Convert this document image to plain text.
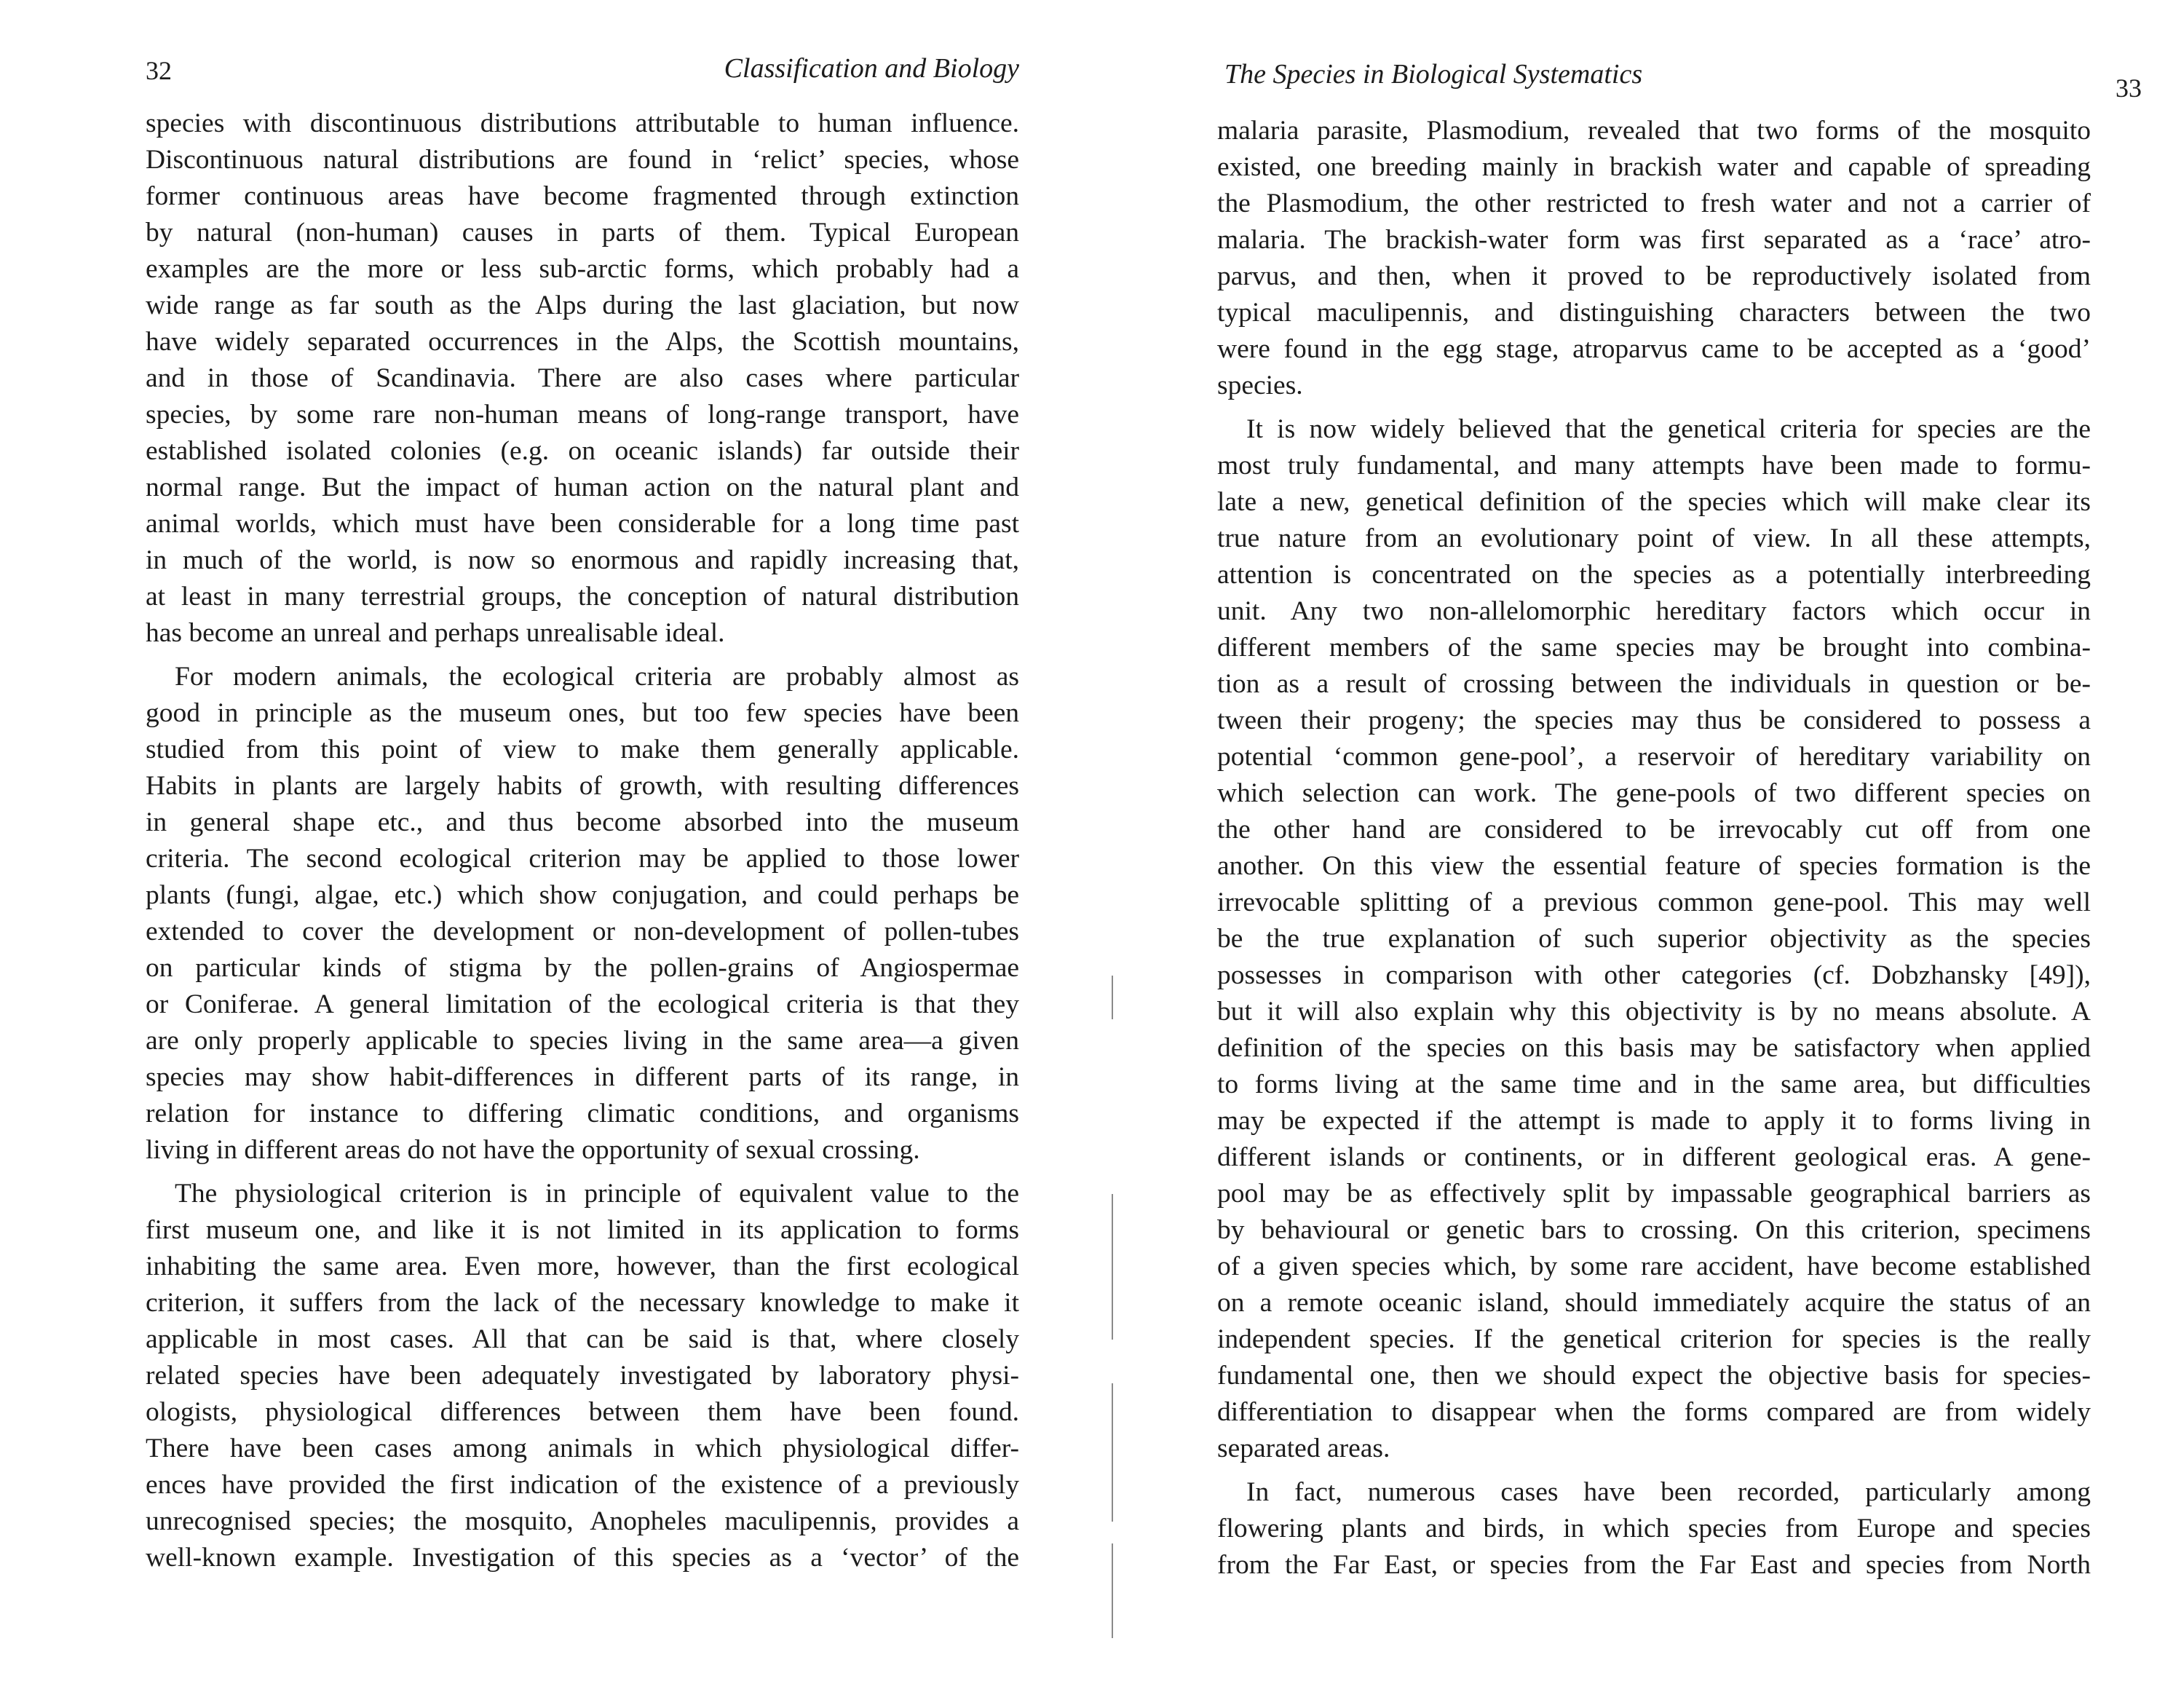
32	Classification and Biology
species with discontinuous distributions attributable to human influence.
Discontinuous natural distributions are found in ‘relict’ species, whose
former continuous areas have become fragmented through extinction
by natural (non-human) causes in parts of them. Typical European
examples are the more or less sub-arctic forms, which probably had a
wide range as far south as the Alps during the last glaciation, but now
have widely separated occurrences in the Alps, the Scottish mountains,
and in those of Scandinavia. There are also cases where particular
species, by some rare non-human means of long-range transport, have
established isolated colonies (e.g. on oceanic islands) far outside their
normal range. But the impact of human action on the natural plant and
animal worlds, which must have been considerable for a long time past
in much of the world, is now so enormous and rapidly increasing that,
at least in many terrestrial groups, the conception of natural distribution
has become an unreal and perhaps unrealisable ideal.
For modern animals, the ecological criteria are probably almost as
good in principle as the museum ones, but too few species have been
studied from this point of view to make them generally applicable.
Habits in plants are largely habits of growth, with resulting differences
in general shape etc., and thus become absorbed into the museum
criteria. The second ecological criterion may be applied to those lower
plants (fungi, algae, etc.) which show conjugation, and could perhaps be
extended to cover the development or non-development of pollen-tubes
on particular kinds of stigma by the pollen-grains of Angiospermae
or Coniferae. A general limitation of the ecological criteria is that they
are only properly applicable to species living in the same area—a given
species may show habit-differences in different parts of its range, in
relation for instance to differing climatic conditions, and organisms
living in different areas do not have the opportunity of sexual crossing.
The physiological criterion is in principle of equivalent value to the
first museum one, and like it is not limited in its application to forms
inhabiting the same area. Even more, however, than the first ecological
criterion, it suffers from the lack of the necessary knowledge to make it
applicable in most cases. All that can be said is that, where closely
related species have been adequately investigated by laboratory physi-
ologists, physiological differences between them have been found.
There have been cases among animals in which physiological differ-
ences have provided the first indication of the existence of a previously
unrecognised species; the mosquito, Anopheles maculipennis, provides a
well-known example. Investigation of this species as a ‘vector’ of the
The Species in Biological Systematics	33
malaria parasite, Plasmodium, revealed that two forms of the mosquito
existed, one breeding mainly in brackish water and capable of spreading
the Plasmodium, the other restricted to fresh water and not a carrier of
malaria. The brackish-water form was first separated as a ‘race’ atro-
parvus, and then, when it proved to be reproductively isolated from
typical maculipennis, and distinguishing characters between the two
were found in the egg stage, atroparvus came to be accepted as a ‘good’
species.
It is now widely believed that the genetical criteria for species are the
most truly fundamental, and many attempts have been made to formu-
late a new, genetical definition of the species which will make clear its
true nature from an evolutionary point of view. In all these attempts,
attention is concentrated on the species as a potentially interbreeding
unit. Any two non-allelomorphic hereditary factors which occur in
different members of the same species may be brought into combina-
tion as a result of crossing between the individuals in question or be-
tween their progeny; the species may thus be considered to possess a
potential ‘common gene-pool’, a reservoir of hereditary variability on
which selection can work. The gene-pools of two different species on
the other hand are considered to be irrevocably cut off from one
another. On this view the essential feature of species formation is the
irrevocable splitting of a previous common gene-pool. This may well
be the true explanation of such superior objectivity as the species
possesses in comparison with other categories (cf. Dobzhansky [49]),
but it will also explain why this objectivity is by no means absolute. A
definition of the species on this basis may be satisfactory when applied
to forms living at the same time and in the same area, but difficulties
may be expected if the attempt is made to apply it to forms living in
different islands or continents, or in different geological eras. A gene-
pool may be as effectively split by impassable geographical barriers as
by behavioural or genetic bars to crossing. On this criterion, specimens
of a given species which, by some rare accident, have become established
on a remote oceanic island, should immediately acquire the status of an
independent species. If the genetical criterion for species is the really
fundamental one, then we should expect the objective basis for species-
differentiation to disappear when the forms compared are from widely
separated areas.
In fact, numerous cases have been recorded, particularly among
flowering plants and birds, in which species from Europe and species
from the Far East, or species from the Far East and species from North
